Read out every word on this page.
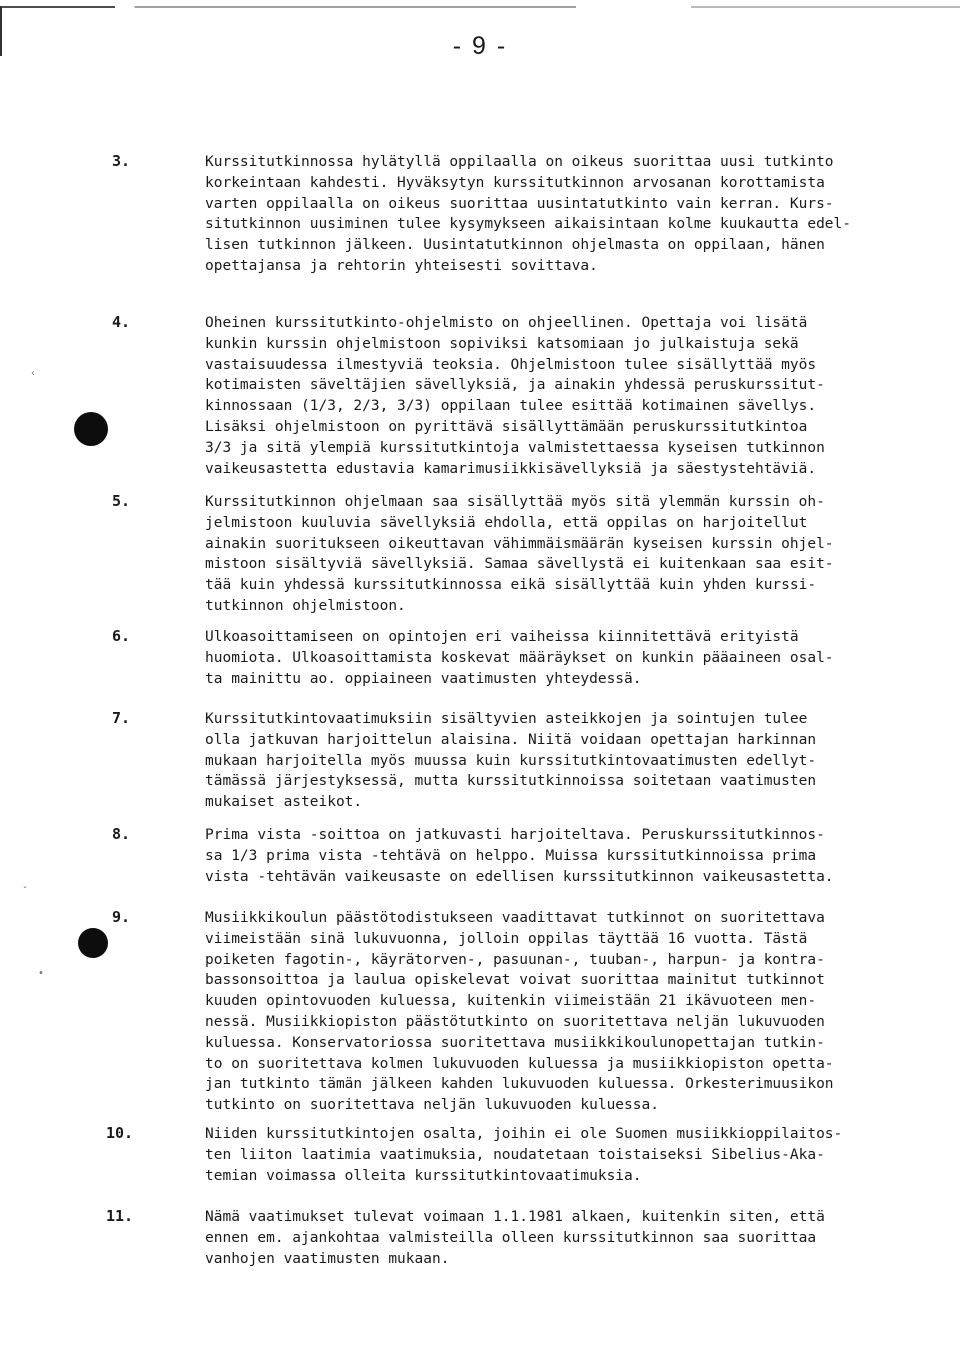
- 9 -
‹
ˇ
•
3.	Kurssitutkinnossa hylätyllä oppilaalla on oikeus suorittaa uusi tutkinto
korkeintaan kahdesti. Hyväksytyn kurssitutkinnon arvosanan korottamista
varten oppilaalla on oikeus suorittaa uusintatutkinto vain kerran. Kurs-
situtkinnon uusiminen tulee kysymykseen aikaisintaan kolme kuukautta edel-
lisen tutkinnon jälkeen. Uusintatutkinnon ohjelmasta on oppilaan, hänen
opettajansa ja rehtorin yhteisesti sovittava.
4.	Oheinen kurssitutkinto-ohjelmisto on ohjeellinen. Opettaja voi lisätä
kunkin kurssin ohjelmistoon sopiviksi katsomiaan jo julkaistuja sekä
vastaisuudessa ilmestyviä teoksia. Ohjelmistoon tulee sisällyttää myös
kotimaisten säveltäjien sävellyksiä, ja ainakin yhdessä peruskurssitut-
kinnossaan (1/3, 2/3, 3/3) oppilaan tulee esittää kotimainen sävellys.
Lisäksi ohjelmistoon on pyrittävä sisällyttämään peruskurssitutkintoa
3/3 ja sitä ylempiä kurssitutkintoja valmistettaessa kyseisen tutkinnon
vaikeusastetta edustavia kamarimusiikkisävellyksiä ja säestystehtäviä.
5.	Kurssitutkinnon ohjelmaan saa sisällyttää myös sitä ylemmän kurssin oh-
jelmistoon kuuluvia sävellyksiä ehdolla, että oppilas on harjoitellut
ainakin suoritukseen oikeuttavan vähimmäismäärän kyseisen kurssin ohjel-
mistoon sisältyviä sävellyksiä. Samaa sävellystä ei kuitenkaan saa esit-
tää kuin yhdessä kurssitutkinnossa eikä sisällyttää kuin yhden kurssi-
tutkinnon ohjelmistoon.
6.	Ulkoasoittamiseen on opintojen eri vaiheissa kiinnitettävä erityistä
huomiota. Ulkoasoittamista koskevat määräykset on kunkin pääaineen osal-
ta mainittu ao. oppiaineen vaatimusten yhteydessä.
7.	Kurssitutkintovaatimuksiin sisältyvien asteikkojen ja sointujen tulee
olla jatkuvan harjoittelun alaisina. Niitä voidaan opettajan harkinnan
mukaan harjoitella myös muussa kuin kurssitutkintovaatimusten edellyt-
tämässä järjestyksessä, mutta kurssitutkinnoissa soitetaan vaatimusten
mukaiset asteikot.
8.	Prima vista -soittoa on jatkuvasti harjoiteltava. Peruskurssitutkinnos-
sa 1/3 prima vista -tehtävä on helppo. Muissa kurssitutkinnoissa prima
vista -tehtävän vaikeusaste on edellisen kurssitutkinnon vaikeusastetta.
9.	Musiikkikoulun päästötodistukseen vaadittavat tutkinnot on suoritettava
viimeistään sinä lukuvuonna, jolloin oppilas täyttää 16 vuotta. Tästä
poiketen fagotin-, käyrätorven-, pasuunan-, tuuban-, harpun- ja kontra-
bassonsoittoa ja laulua opiskelevat voivat suorittaa mainitut tutkinnot
kuuden opintovuoden kuluessa, kuitenkin viimeistään 21 ikävuoteen men-
nessä. Musiikkiopiston päästötutkinto on suoritettava neljän lukuvuoden
kuluessa. Konservatoriossa suoritettava musiikkikoulunopettajan tutkin-
to on suoritettava kolmen lukuvuoden kuluessa ja musiikkiopiston opetta-
jan tutkinto tämän jälkeen kahden lukuvuoden kuluessa. Orkesterimuusikon
tutkinto on suoritettava neljän lukuvuoden kuluessa.
10.	Niiden kurssitutkintojen osalta, joihin ei ole Suomen musiikkioppilaitos-
ten liiton laatimia vaatimuksia, noudatetaan toistaiseksi Sibelius-Aka-
temian voimassa olleita kurssitutkintovaatimuksia.
11.	Nämä vaatimukset tulevat voimaan 1.1.1981 alkaen, kuitenkin siten, että
ennen em. ajankohtaa valmisteilla olleen kurssitutkinnon saa suorittaa
vanhojen vaatimusten mukaan.
